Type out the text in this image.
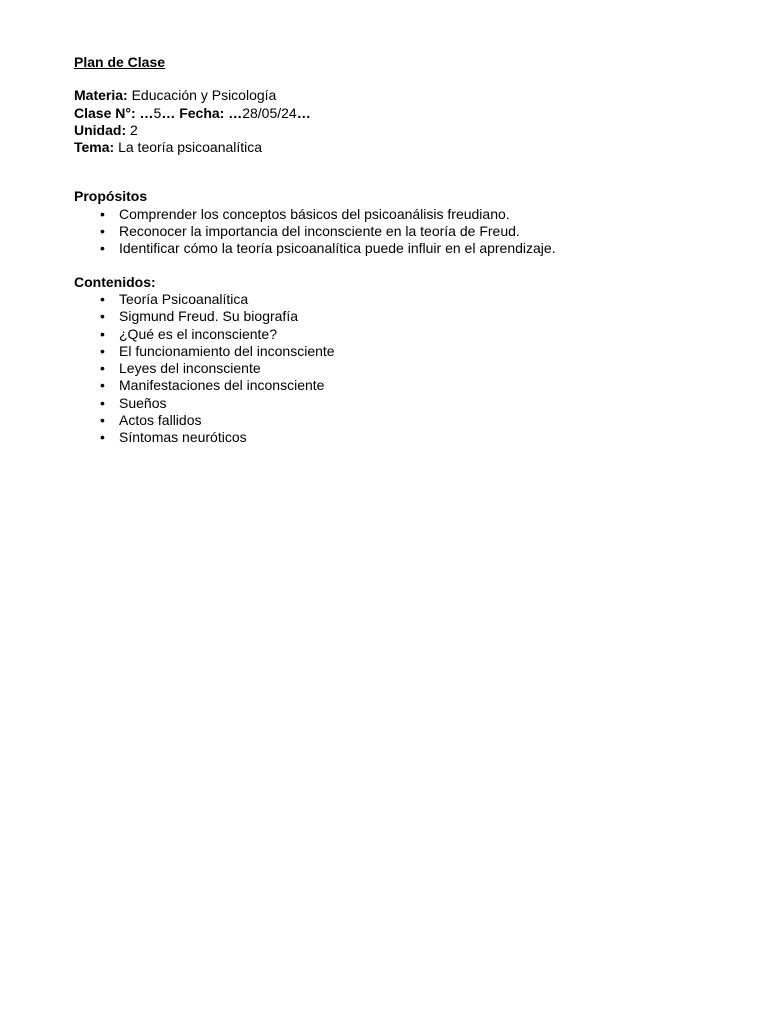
Plan de Clase

Materia: Educación y Psicología

Clase N°: …5… Fecha: …28/05/24…

Unidad: 2

Tema: La teoría psicoanalítica

Propósitos

• Comprender los conceptos básicos del psicoanálisis freudiano.
• Reconocer la importancia del inconsciente en la teoría de Freud.
• Identificar cómo la teoría psicoanalítica puede influir en el aprendizaje.

Contenidos:

• Teoría Psicoanalítica
• Sigmund Freud. Su biografía
• ¿Qué es el inconsciente?
• El funcionamiento del inconsciente
• Leyes del inconsciente
• Manifestaciones del inconsciente
• Sueños
• Actos fallidos
• Síntomas neuróticos
